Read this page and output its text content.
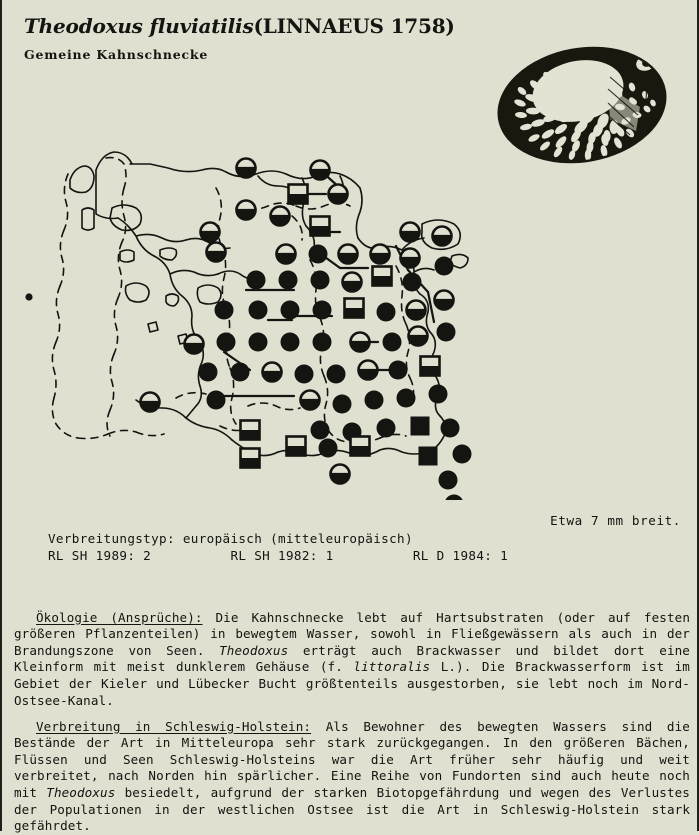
Theodoxus fluviatilis(LINNAEUS 1758)
Gemeine Kahnschnecke
Etwa 7 mm breit.
Verbreitungstyp: europäisch (mitteleuropäisch)
RL SH 1989: 2          RL SH 1982: 1          RL D 1984: 1

Ökologie (Ansprüche): Die Kahnschnecke lebt auf Hartsubstraten (oder auf festen größeren Pflanzenteilen) in bewegtem Wasser, sowohl in Fließgewässern als auch in der Brandungszone von Seen. Theodoxus erträgt auch Brackwasser und bildet dort eine Kleinform mit meist dunklerem Gehäuse (f. littoralis L.). Die Brackwasserform ist im Gebiet der Kieler und Lübecker Bucht größtenteils ausgestorben, sie lebt noch im Nord-Ostsee-Kanal.

Verbreitung in Schleswig-Holstein: Als Bewohner des bewegten Wassers sind die Bestände der Art in Mitteleuropa sehr stark zurückgegangen. In den größeren Bächen, Flüssen und Seen Schleswig-Holsteins war die Art früher sehr häufig und weit verbreitet, nach Norden hin spärlicher. Eine Reihe von Fundorten sind auch heute noch mit Theodoxus besiedelt, aufgrund der starken Biotopgefährdung und wegen des Verlustes der Populationen in der westlichen Ostsee ist die Art in Schleswig-Holstein stark gefährdet.
